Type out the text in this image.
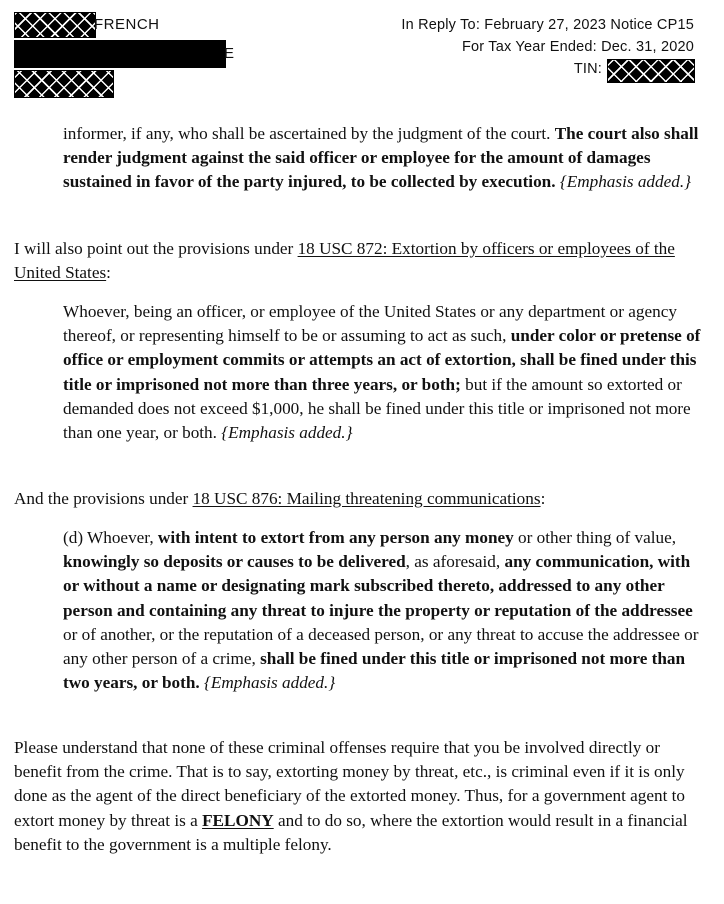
FRENCH
E
In Reply To: February 27, 2023 Notice CP15
For Tax Year Ended: Dec. 31, 2020
TIN:

informer, if any, who shall be ascertained by the judgment of the court. The court also shall render judgment against the said officer or employee for the amount of damages sustained in favor of the party injured, to be collected by execution. {Emphasis added.}

I will also point out the provisions under 18 USC 872: Extortion by officers or employees of the United States:

Whoever, being an officer, or employee of the United States or any department or agency thereof, or representing himself to be or assuming to act as such, under color or pretense of office or employment commits or attempts an act of extortion, shall be fined under this title or imprisoned not more than three years, or both; but if the amount so extorted or demanded does not exceed $1,000, he shall be fined under this title or imprisoned not more than one year, or both. {Emphasis added.}

And the provisions under 18 USC 876: Mailing threatening communications:

(d) Whoever, with intent to extort from any person any money or other thing of value, knowingly so deposits or causes to be delivered, as aforesaid, any communication, with or without a name or designating mark subscribed thereto, addressed to any other person and containing any threat to injure the property or reputation of the addressee or of another, or the reputation of a deceased person, or any threat to accuse the addressee or any other person of a crime, shall be fined under this title or imprisoned not more than two years, or both. {Emphasis added.}

Please understand that none of these criminal offenses require that you be involved directly or benefit from the crime. That is to say, extorting money by threat, etc., is criminal even if it is only done as the agent of the direct beneficiary of the extorted money. Thus, for a government agent to extort money by threat is a FELONY and to do so, where the extortion would result in a financial benefit to the government is a multiple felony.
